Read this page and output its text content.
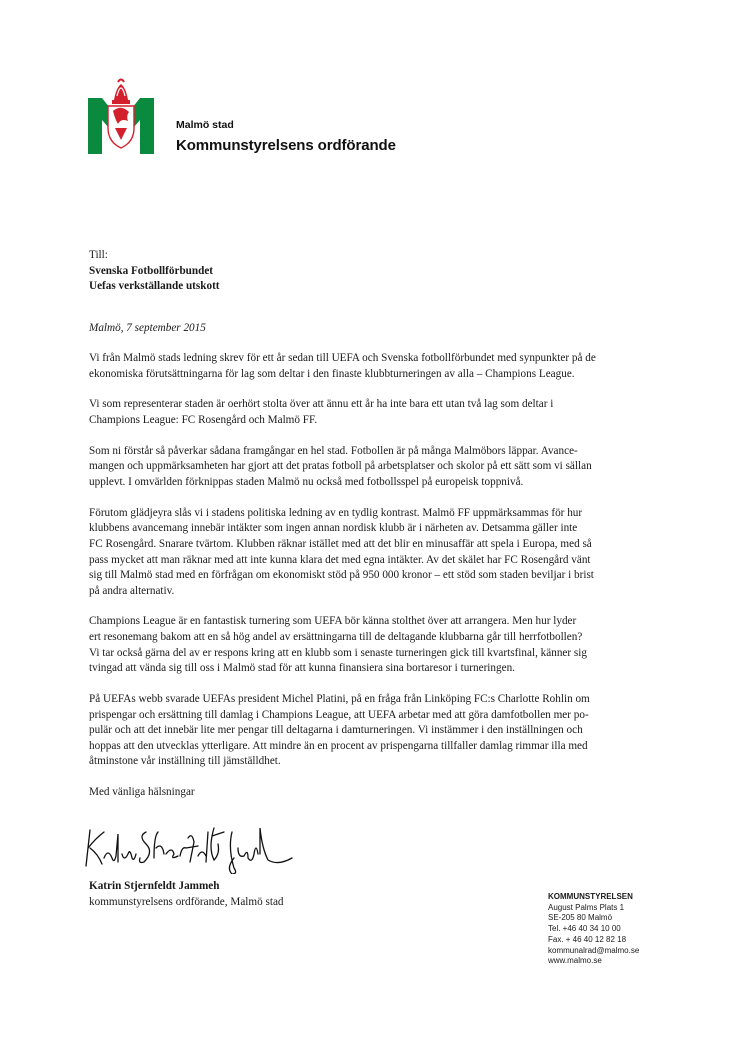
Malmö stad
Kommunstyrelsens ordförande

Till:

Svenska Fotbollförbundet

Uefas verkställande utskott

Malmö, 7 september 2015

Vi från Malmö stads ledning skrev för ett år sedan till UEFA och Svenska fotbollförbundet med synpunkter på de

ekonomiska förutsättningarna för lag som deltar i den finaste klubbturneringen av alla – Champions League.

Vi som representerar staden är oerhört stolta över att ännu ett år ha inte bara ett utan två lag som deltar i

Champions League: FC Rosengård och Malmö FF.

Som ni förstår så påverkar sådana framgångar en hel stad. Fotbollen är på många Malmöbors läppar. Avance-

mangen och uppmärksamheten har gjort att det pratas fotboll på arbetsplatser och skolor på ett sätt som vi sällan

upplevt. I omvärlden förknippas staden Malmö nu också med fotbollsspel på europeisk toppnivå.

Förutom glädjeyra slås vi i stadens politiska ledning av en tydlig kontrast. Malmö FF uppmärksammas för hur

klubbens avancemang innebär intäkter som ingen annan nordisk klubb är i närheten av. Detsamma gäller inte

FC Rosengård. Snarare tvärtom. Klubben räknar istället med att det blir en minusaffär att spela i Europa, med så

pass mycket att man räknar med att inte kunna klara det med egna intäkter. Av det skälet har FC Rosengård vänt

sig till Malmö stad med en förfrågan om ekonomiskt stöd på 950 000 kronor – ett stöd som staden beviljar i brist

på andra alternativ.

Champions League är en fantastisk turnering som UEFA bör känna stolthet över att arrangera. Men hur lyder

ert resonemang bakom att en så hög andel av ersättningarna till de deltagande klubbarna går till herrfotbollen?

Vi tar också gärna del av er respons kring att en klubb som i senaste turneringen gick till kvartsfinal, känner sig

tvingad att vända sig till oss i Malmö stad för att kunna finansiera sina bortaresor i turneringen.

På UEFAs webb svarade UEFAs president Michel Platini, på en fråga från Linköping FC:s Charlotte Rohlin om

prispengar och ersättning till damlag i Champions League, att UEFA arbetar med att göra damfotbollen mer po-

pulär och att det innebär lite mer pengar till deltagarna i damturneringen. Vi instämmer i den inställningen och

hoppas att den utvecklas ytterligare. Att mindre än en procent av prispengarna tillfaller damlag rimmar illa med

åtminstone vår inställning till jämställdhet.

Med vänliga hälsningar

Katrin Stjernfeldt Jammeh

kommunstyrelsens ordförande, Malmö stad	KOMMUNSTYRELSEN
August Palms Plats 1
SE-205 80 Malmö
Tel. +46 40 34 10 00
Fax. + 46 40 12 82 18
kommunalrad@malmo.se
www.malmo.se
